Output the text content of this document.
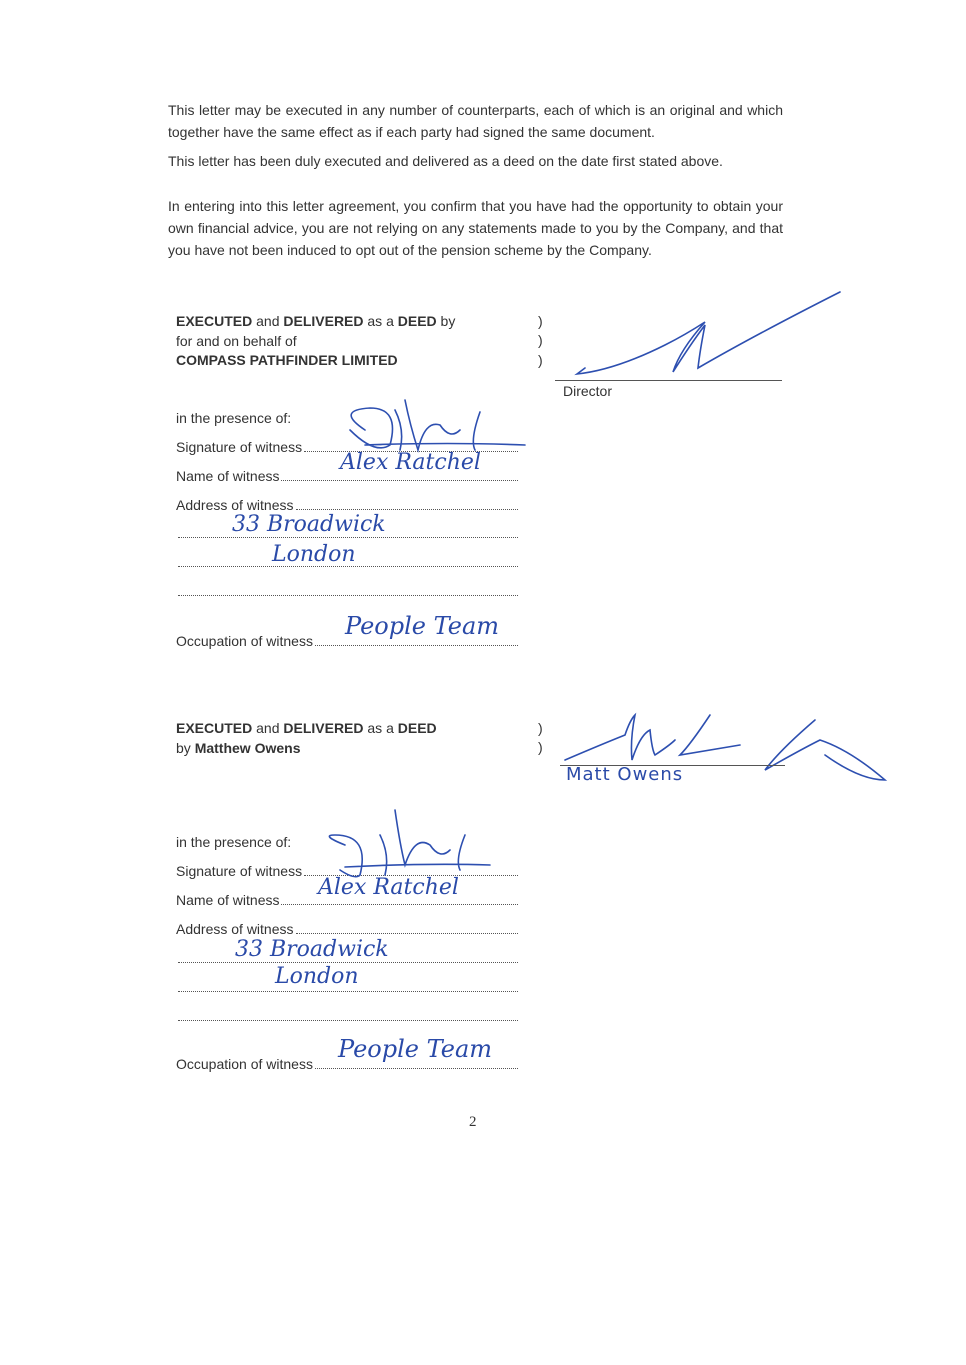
This letter may be executed in any number of counterparts, each of which is an original and which together have the same effect as if each party had signed the same document.
This letter has been duly executed and delivered as a deed on the date first stated above.
In entering into this letter agreement, you confirm that you have had the opportunity to obtain your own financial advice, you are not relying on any statements made to you by the Company, and that you have not been induced to opt out of the pension scheme by the Company.
EXECUTED and DELIVERED as a DEED by
for and on behalf of
COMPASS PATHFINDER LIMITED
)
)
)
Director
in the presence of:
Signature of witness
Name of witness
Address of witness
Occupation of witness
Alex Ratchel
33 Broadwick
London
People Team
EXECUTED and DELIVERED as a DEED
by Matthew Owens
)
)
Matt Owens
in the presence of:
Signature of witness
Name of witness
Address of witness
Occupation of witness
Alex Ratchel
33 Broadwick
London
People Team
2
